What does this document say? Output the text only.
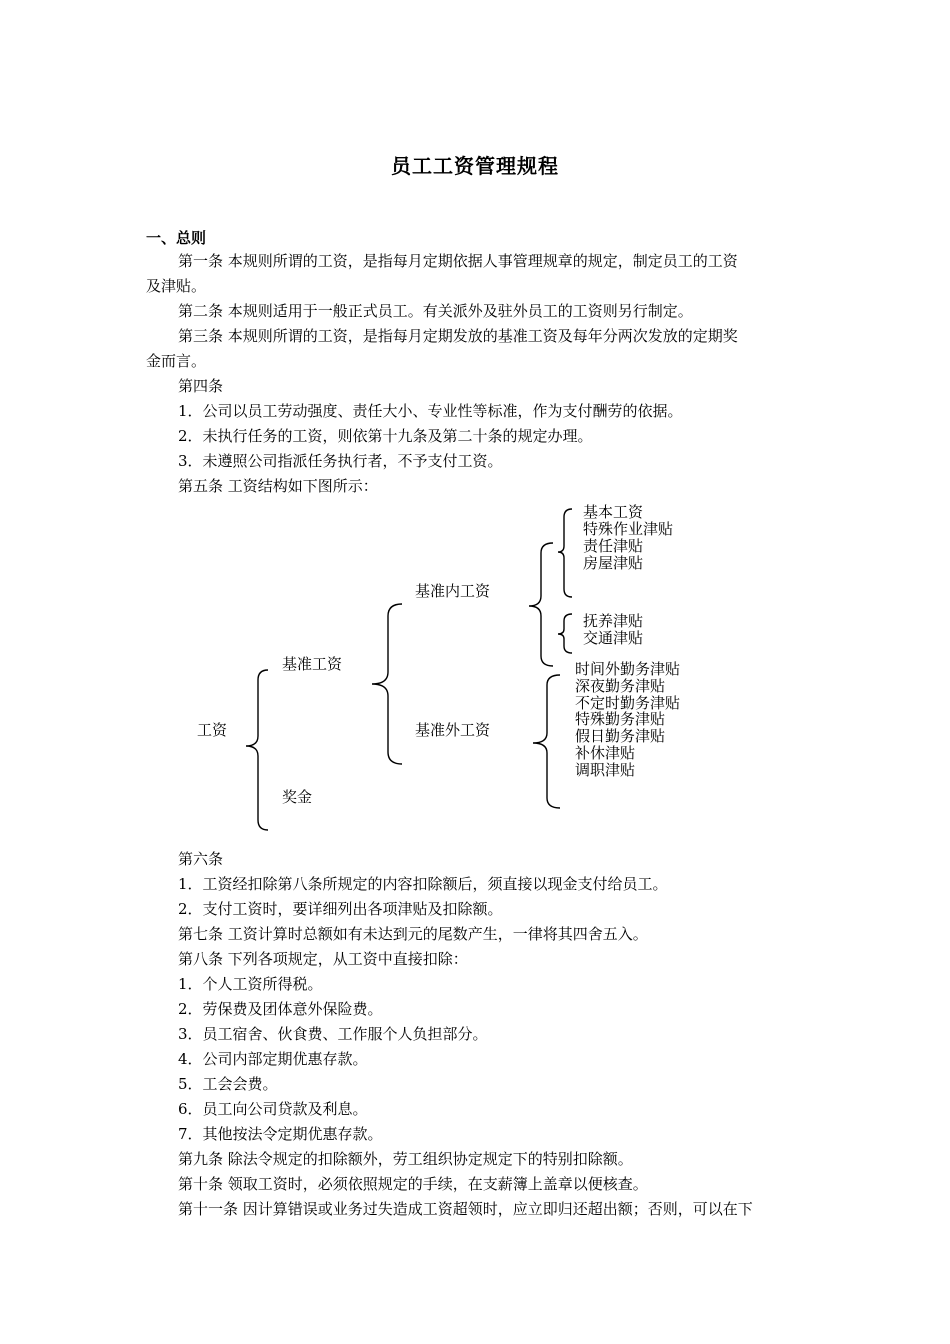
员工工资管理规程
一、总则
第一条 本规则所谓的工资，是指每月定期依据人事管理规章的规定，制定员工的工资
及津贴。
第二条 本规则适用于一般正式员工。有关派外及驻外员工的工资则另行制定。
第三条 本规则所谓的工资，是指每月定期发放的基准工资及每年分两次发放的定期奖
金而言。
第四条
1．公司以员工劳动强度、责任大小、专业性等标准，作为支付酬劳的依据。
2．未执行任务的工资，则依第十九条及第二十条的规定办理。
3．未遵照公司指派任务执行者，不予支付工资。
第五条 工资结构如下图所示：
工资
基准工资
奖金
基准内工资
基准外工资
基本工资
特殊作业津贴
责任津贴
房屋津贴
抚养津贴
交通津贴
时间外勤务津贴
深夜勤务津贴
不定时勤务津贴
特殊勤务津贴
假日勤务津贴
补休津贴
调职津贴
第六条
1．工资经扣除第八条所规定的内容扣除额后，须直接以现金支付给员工。
2．支付工资时，要详细列出各项津贴及扣除额。
第七条 工资计算时总额如有未达到元的尾数产生，一律将其四舍五入。
第八条 下列各项规定，从工资中直接扣除：
1．个人工资所得税。
2．劳保费及团体意外保险费。
3．员工宿舍、伙食费、工作服个人负担部分。
4．公司内部定期优惠存款。
5．工会会费。
6．员工向公司贷款及利息。
7．其他按法令定期优惠存款。
第九条 除法令规定的扣除额外，劳工组织协定规定下的特别扣除额。
第十条 领取工资时，必须依照规定的手续，在支薪簿上盖章以便核查。
第十一条 因计算错误或业务过失造成工资超领时，应立即归还超出额；否则，可以在下
